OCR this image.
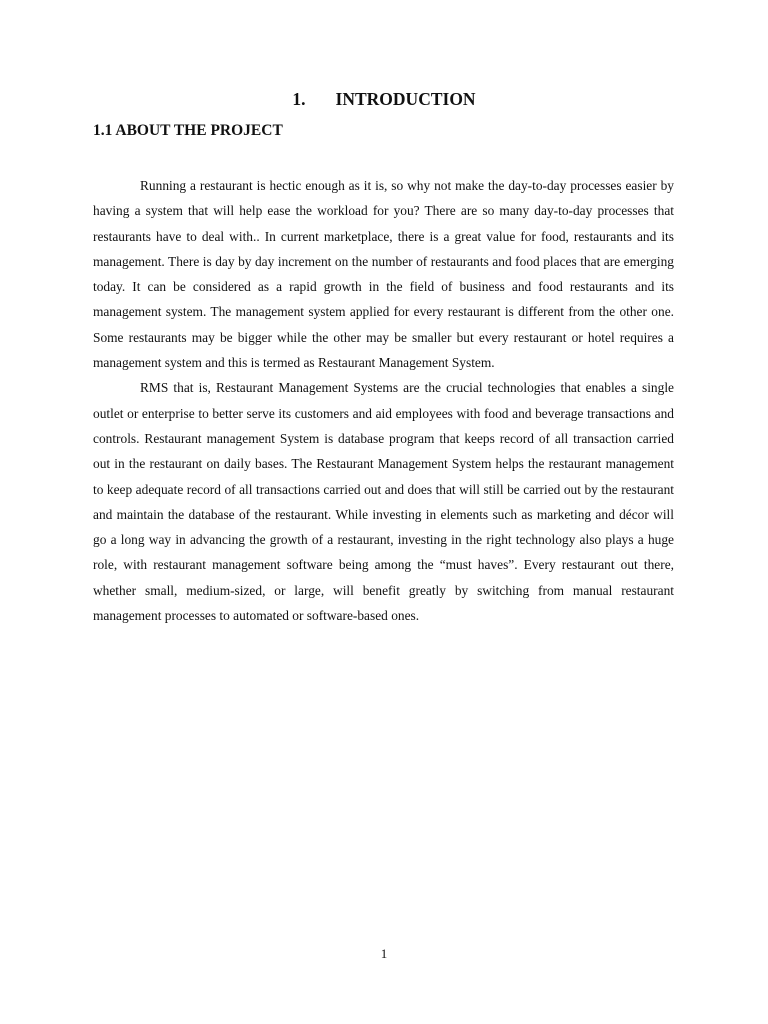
1. INTRODUCTION
1.1 ABOUT THE PROJECT

Running a restaurant is hectic enough as it is, so why not make the day-to-day processes easier by having a system that will help ease the workload for you? There are so many day-to-day processes that restaurants have to deal with.. In current marketplace, there is a great value for food, restaurants and its management. There is day by day increment on the number of restaurants and food places that are emerging today. It can be considered as a rapid growth in the field of business and food restaurants and its management system. The management system applied for every restaurant is different from the other one. Some restaurants may be bigger while the other may be smaller but every restaurant or hotel requires a management system and this is termed as Restaurant Management System.

RMS that is, Restaurant Management Systems are the crucial technologies that enables a single outlet or enterprise to better serve its customers and aid employees with food and beverage transactions and controls. Restaurant management System is database program that keeps record of all transaction carried out in the restaurant on daily bases. The Restaurant Management System helps the restaurant management to keep adequate record of all transactions carried out and does that will still be carried out by the restaurant and maintain the database of the restaurant. While investing in elements such as marketing and décor will go a long way in advancing the growth of a restaurant, investing in the right technology also plays a huge role, with restaurant management software being among the “must haves”. Every restaurant out there, whether small, medium-sized, or large, will benefit greatly by switching from manual restaurant management processes to automated or software-based ones.

1
